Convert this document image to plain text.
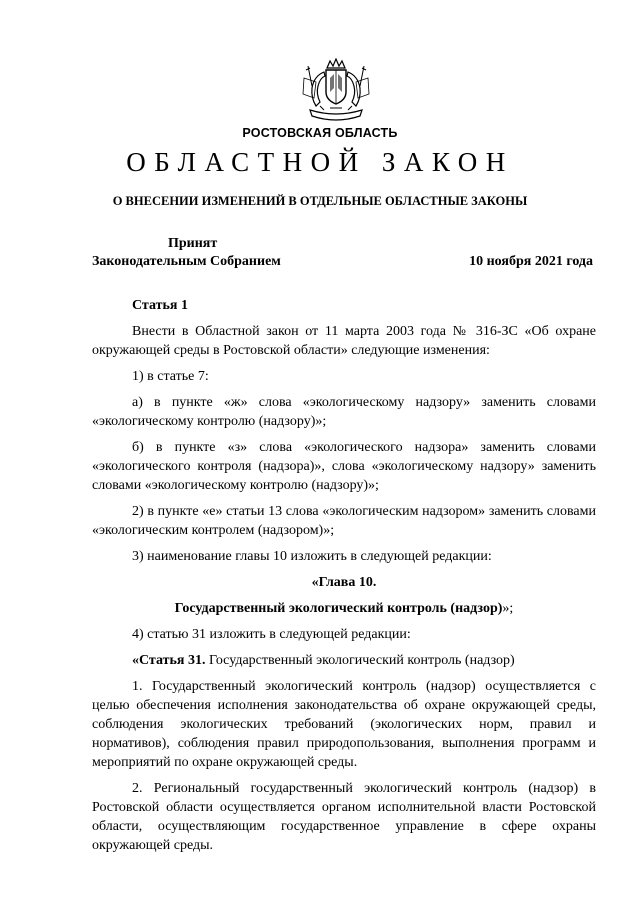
РОСТОВСКАЯ ОБЛАСТЬ
ОБЛАСТНОЙ ЗАКОН
О ВНЕСЕНИИ ИЗМЕНЕНИЙ В ОТДЕЛЬНЫЕ ОБЛАСТНЫЕ ЗАКОНЫ
Принят
Законодательным Собранием	10 ноября 2021 года
Статья 1

Внести в Областной закон от 11 марта 2003 года № 316-ЗС «Об охране окружающей среды в Ростовской области» следующие изменения:

1) в статье 7:

а) в пункте «ж» слова «экологическому надзору» заменить словами «экологическому контролю (надзору)»;

б) в пункте «з» слова «экологического надзора» заменить словами «экологического контроля (надзора)», слова «экологическому надзору» заменить словами «экологическому контролю (надзору)»;

2) в пункте «е» статьи 13 слова «экологическим надзором» заменить словами «экологическим контролем (надзором)»;

3) наименование главы 10 изложить в следующей редакции:

«Глава 10.
Государственный экологический контроль (надзор)»;

4) статью 31 изложить в следующей редакции:

«Статья 31. Государственный экологический контроль (надзор)

1. Государственный экологический контроль (надзор) осуществляется с целью обеспечения исполнения законодательства об охране окружающей среды, соблюдения экологических требований (экологических норм, правил и нормативов), соблюдения правил природопользования, выполнения программ и мероприятий по охране окружающей среды.

2. Региональный государственный экологический контроль (надзор) в Ростовской области осуществляется органом исполнительной власти Ростовской области, осуществляющим государственное управление в сфере охраны окружающей среды.
